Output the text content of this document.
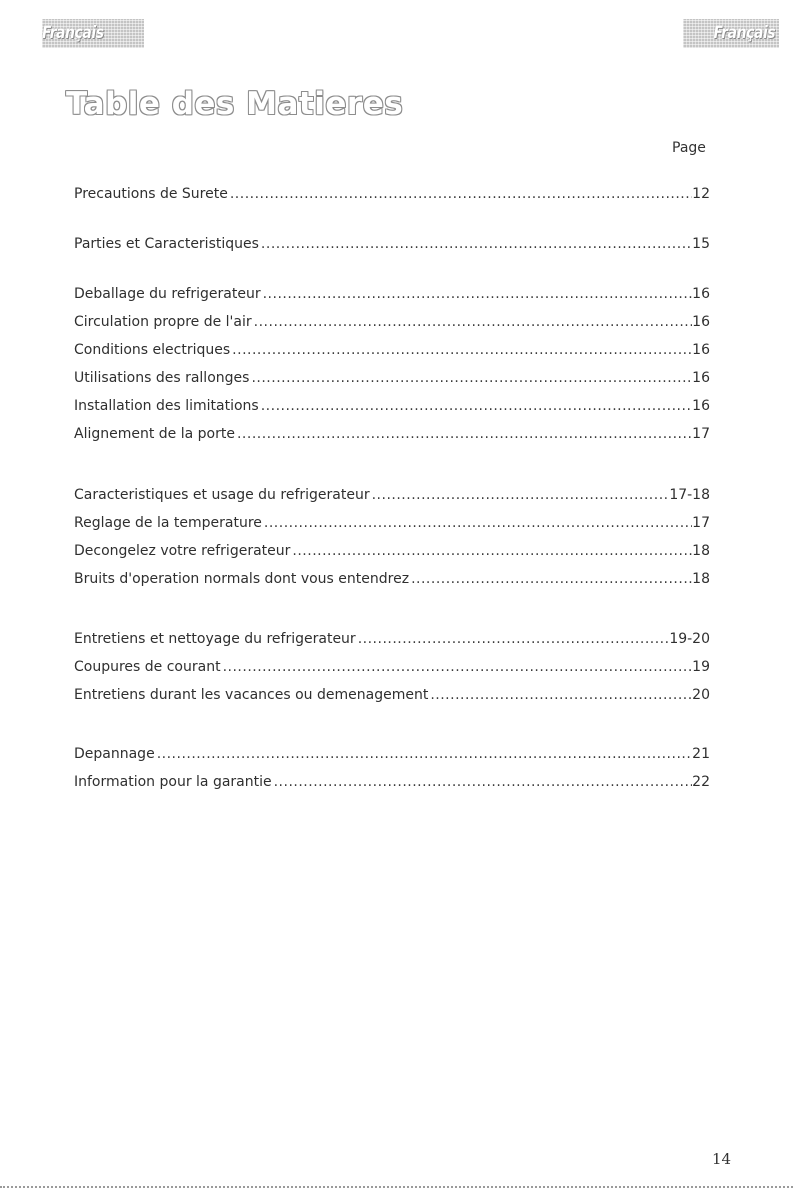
Français	Français
Table des Matieres
Page
Precautions de Surete .....	12
Parties et Caracteristiques .....	15
Deballage du refrigerateur .....	16
Circulation propre de l'air .....	16
Conditions electriques .....	16
Utilisations des rallonges .....	16
Installation des limitations .....	16
Alignement de la porte .....	17
Caracteristiques et usage du refrigerateur .....	17-18
Reglage de la temperature .....	17
Decongelez votre refrigerateur .....	18
Bruits d'operation normals dont vous entendrez .....	18
Entretiens et nettoyage du refrigerateur .....	19-20
Coupures de courant .....	19
Entretiens durant les vacances ou demenagement .....	20
Depannage .....	21
Information pour la garantie .....	22
14
